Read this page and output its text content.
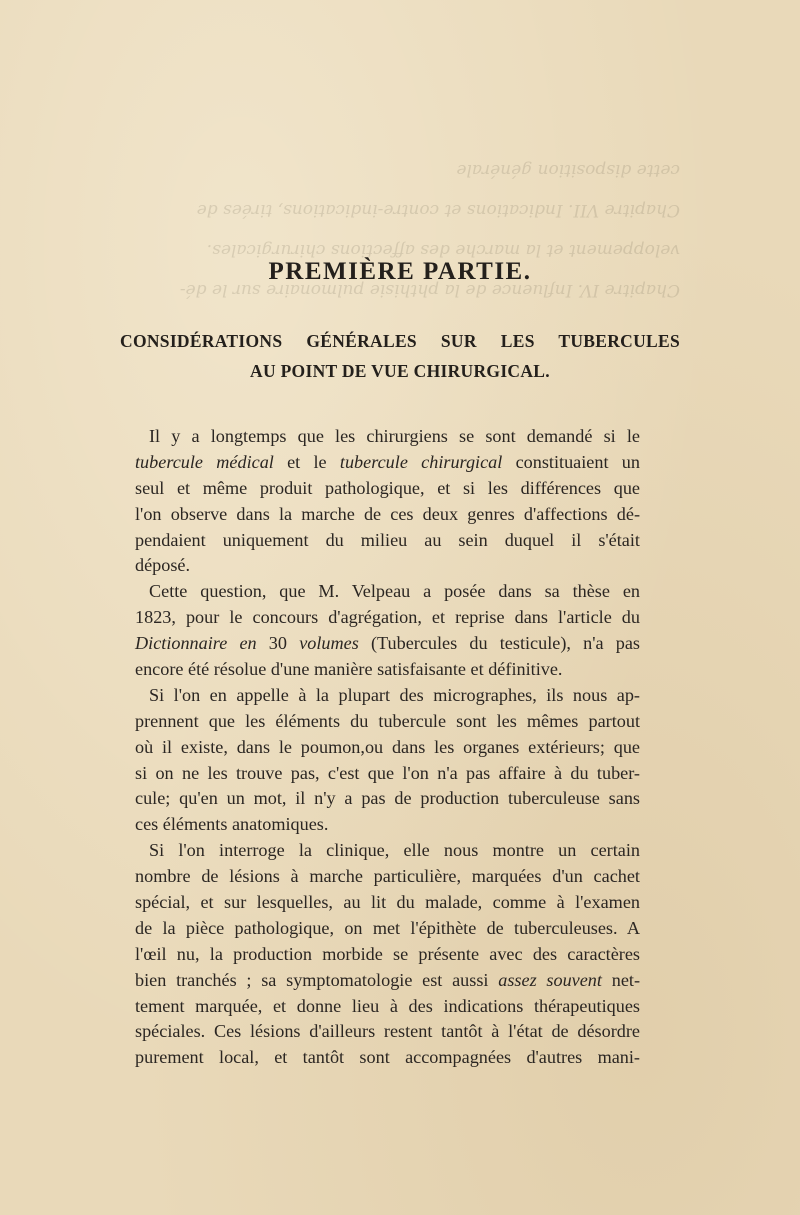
Chapitre IV. Influence de la phthisie pulmonaire sur le dé-
veloppement et la marche des affections chirurgicales.
Chapitre VII. Indications et contre-indications, tirées de
cette disposition générale
PREMIÈRE PARTIE.
CONSIDÉRATIONS GÉNÉRALES SUR LES TUBERCULES
AU POINT DE VUE CHIRURGICAL.
Il y a longtemps que les chirurgiens se sont demandé si le
tubercule médical et le tubercule chirurgical constituaient un
seul et même produit pathologique, et si les différences que
l'on observe dans la marche de ces deux genres d'affections dé-
pendaient uniquement du milieu au sein duquel il s'était
déposé.
Cette question, que M. Velpeau a posée dans sa thèse en
1823, pour le concours d'agrégation, et reprise dans l'article du
Dictionnaire en 30 volumes (Tubercules du testicule), n'a pas
encore été résolue d'une manière satisfaisante et définitive.
Si l'on en appelle à la plupart des micrographes, ils nous ap-
prennent que les éléments du tubercule sont les mêmes partout
où il existe, dans le poumon,ou dans les organes extérieurs; que
si on ne les trouve pas, c'est que l'on n'a pas affaire à du tuber-
cule; qu'en un mot, il n'y a pas de production tuberculeuse sans
ces éléments anatomiques.
Si l'on interroge la clinique, elle nous montre un certain
nombre de lésions à marche particulière, marquées d'un cachet
spécial, et sur lesquelles, au lit du malade, comme à l'examen
de la pièce pathologique, on met l'épithète de tuberculeuses. A
l'œil nu, la production morbide se présente avec des caractères
bien tranchés ; sa symptomatologie est aussi assez souvent net-
tement marquée, et donne lieu à des indications thérapeutiques
spéciales. Ces lésions d'ailleurs restent tantôt à l'état de désordre
purement local, et tantôt sont accompagnées d'autres mani-
